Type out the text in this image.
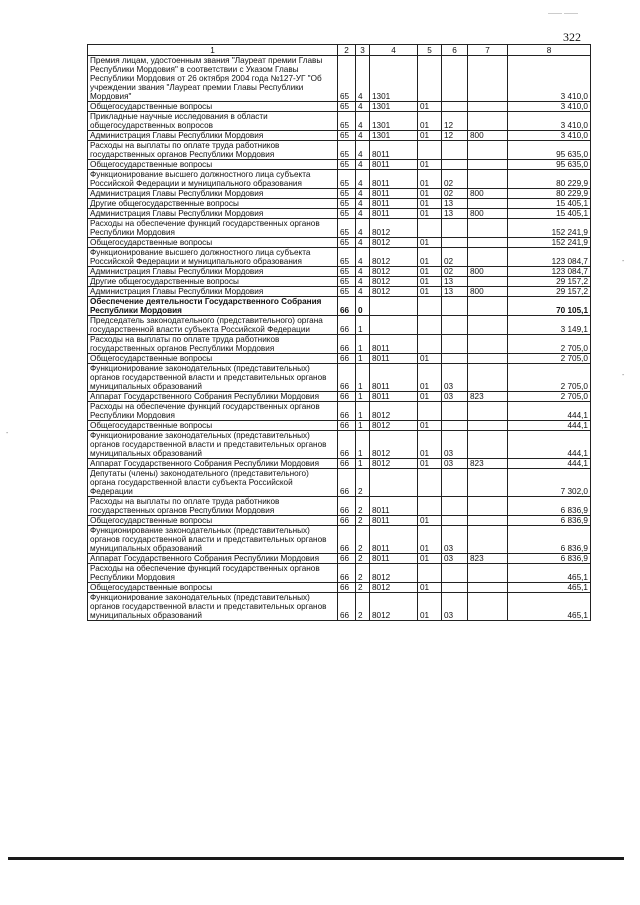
—— ——
322
1	2	3	4	5	6	7	8
Премия лицам, удостоенным звания "Лауреат премии Главы Республики Мордовия" в соответствии с Указом Главы Республики Мордовия от 26 октября 2004 года №127-УГ "Об учреждении звания "Лауреат премии Главы Республики Мордовия"	65	4	1301				3 410,0
Общегосударственные вопросы	65	4	1301	01			3 410,0
Прикладные научные исследования в области общегосударственных вопросов	65	4	1301	01	12		3 410,0
Администрация Главы Республики Мордовия	65	4	1301	01	12	800	3 410,0
Расходы на выплаты по оплате труда работников государственных органов Республики Мордовия	65	4	8011				95 635,0
Общегосударственные вопросы	65	4	8011	01			95 635,0
Функционирование высшего должностного лица субъекта Российской Федерации и муниципального образования	65	4	8011	01	02		80 229,9
Администрация Главы Республики Мордовия	65	4	8011	01	02	800	80 229,9
Другие общегосударственные вопросы	65	4	8011	01	13		15 405,1
Администрация Главы Республики Мордовия	65	4	8011	01	13	800	15 405,1
Расходы на обеспечение функций государственных органов Республики Мордовия	65	4	8012				152 241,9
Общегосударственные вопросы	65	4	8012	01			152 241,9
Функционирование высшего должностного лица субъекта Российской Федерации и муниципального образования	65	4	8012	01	02		123 084,7
Администрация Главы Республики Мордовия	65	4	8012	01	02	800	123 084,7
Другие общегосударственные вопросы	65	4	8012	01	13		29 157,2
Администрация Главы Республики Мордовия	65	4	8012	01	13	800	29 157,2
Обеспечение деятельности Государственного Собрания Республики Мордовия	66	0					70 105,1
Председатель законодательного (представительного) органа государственной власти субъекта Российской Федерации	66	1					3 149,1
Расходы на выплаты по оплате труда работников государственных органов Республики Мордовия	66	1	8011				2 705,0
Общегосударственные вопросы	66	1	8011	01			2 705,0
Функционирование законодательных (представительных) органов государственной власти и представительных органов муниципальных образований	66	1	8011	01	03		2 705,0
Аппарат Государственного Собрания Республики Мордовия	66	1	8011	01	03	823	2 705,0
Расходы на обеспечение функций государственных органов Республики Мордовия	66	1	8012				444,1
Общегосударственные вопросы	66	1	8012	01			444,1
Функционирование законодательных (представительных) органов государственной власти и представительных органов муниципальных образований	66	1	8012	01	03		444,1
Аппарат Государственного Собрания Республики Мордовия	66	1	8012	01	03	823	444,1
Депутаты (члены) законодательного (представительного) органа государственной власти субъекта Российской Федерации	66	2					7 302,0
Расходы на выплаты по оплате труда работников государственных органов Республики Мордовия	66	2	8011				6 836,9
Общегосударственные вопросы	66	2	8011	01			6 836,9
Функционирование законодательных (представительных) органов государственной власти и представительных органов муниципальных образований	66	2	8011	01	03		6 836,9
Аппарат Государственного Собрания Республики Мордовия	66	2	8011	01	03	823	6 836,9
Расходы на обеспечение функций государственных органов Республики Мордовия	66	2	8012				465,1
Общегосударственные вопросы	66	2	8012	01			465,1
Функционирование законодательных (представительных) органов государственной власти и представительных органов муниципальных образований	66	2	8012	01	03		465,1
-
-
-
